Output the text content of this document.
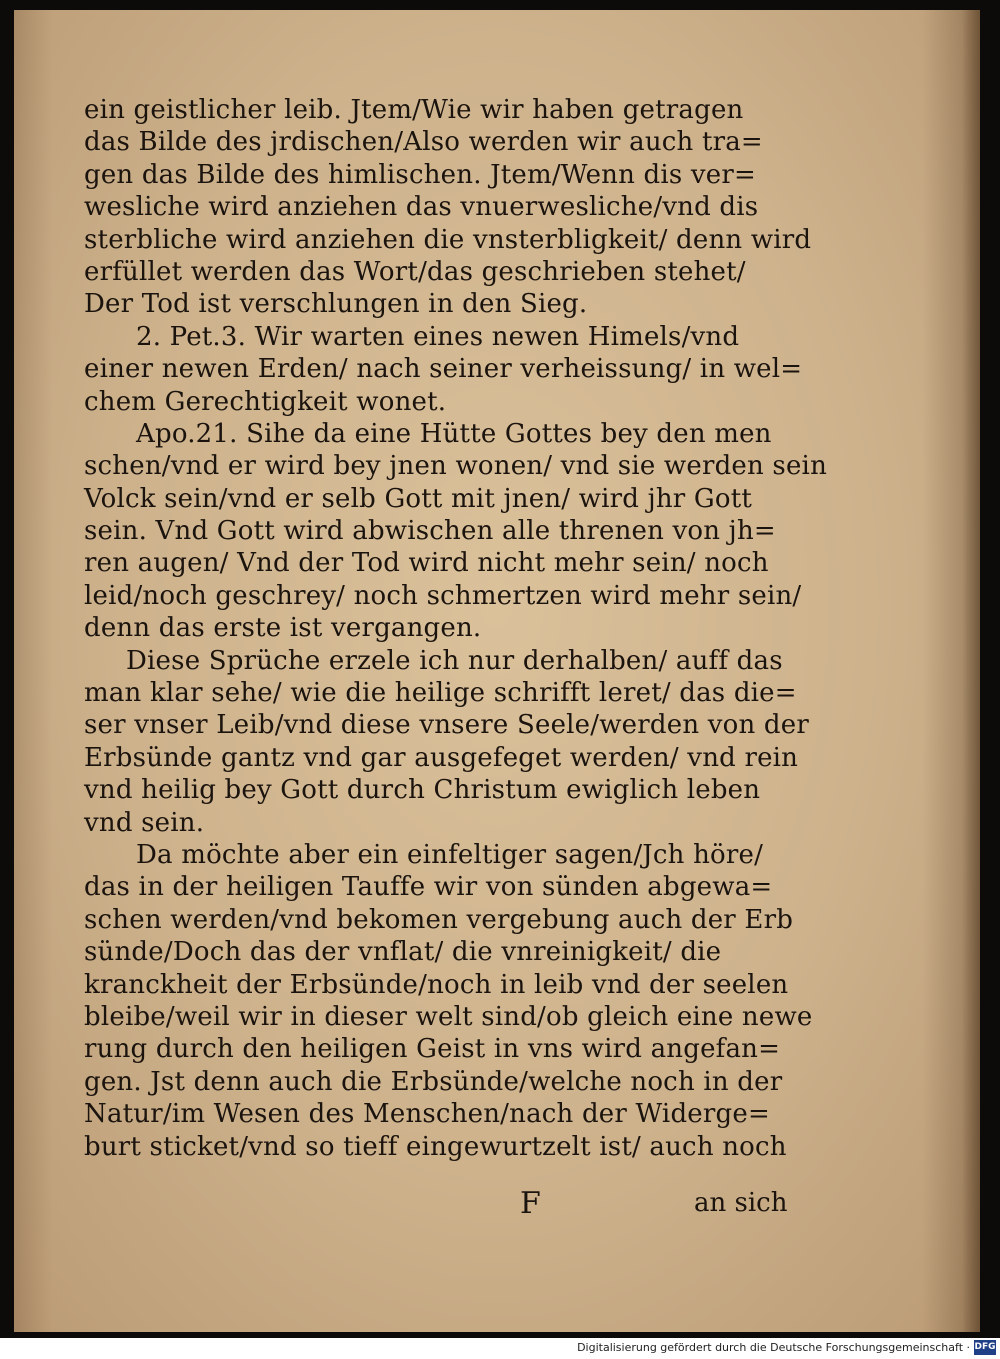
ein geistlicher leib. Jtem/Wie wir haben getragen
das Bilde des jrdischen/Also werden wir auch tra=
gen das Bilde des himlischen. Jtem/Wenn dis ver=
wesliche wird anziehen das vnuerwesliche/vnd dis
sterbliche wird anziehen die vnsterbligkeit/ denn wird
erfüllet werden das Wort/das geschrieben stehet/
Der Tod ist verschlungen in den Sieg.
2. Pet.3. Wir warten eines newen Himels/vnd
einer newen Erden/ nach seiner verheissung/ in wel=
chem Gerechtigkeit wonet.
Apo.21. Sihe da eine Hütte Gottes bey den men
schen/vnd er wird bey jnen wonen/ vnd sie werden sein
Volck sein/vnd er selb Gott mit jnen/ wird jhr Gott
sein. Vnd Gott wird abwischen alle threnen von jh=
ren augen/ Vnd der Tod wird nicht mehr sein/ noch
leid/noch geschrey/ noch schmertzen wird mehr sein/
denn das erste ist vergangen.
Diese Sprüche erzele ich nur derhalben/ auff das
man klar sehe/ wie die heilige schrifft leret/ das die=
ser vnser Leib/vnd diese vnsere Seele/werden von der
Erbsünde gantz vnd gar ausgefeget werden/ vnd rein
vnd heilig bey Gott durch Christum ewiglich leben
vnd sein.
Da möchte aber ein einfeltiger sagen/Jch höre/
das in der heiligen Tauffe wir von sünden abgewa=
schen werden/vnd bekomen vergebung auch der Erb
sünde/Doch das der vnflat/ die vnreinigkeit/ die
kranckheit der Erbsünde/noch in leib vnd der seelen
bleibe/weil wir in dieser welt sind/ob gleich eine newe
rung durch den heiligen Geist in vns wird angefan=
gen. Jst denn auch die Erbsünde/welche noch in der
Natur/im Wesen des Menschen/nach der Widerge=
burt sticket/vnd so tieff eingewurtzelt ist/ auch noch
F	an sich
Digitalisierung gefördert durch die Deutsche Forschungsgemeinschaft · DFG
